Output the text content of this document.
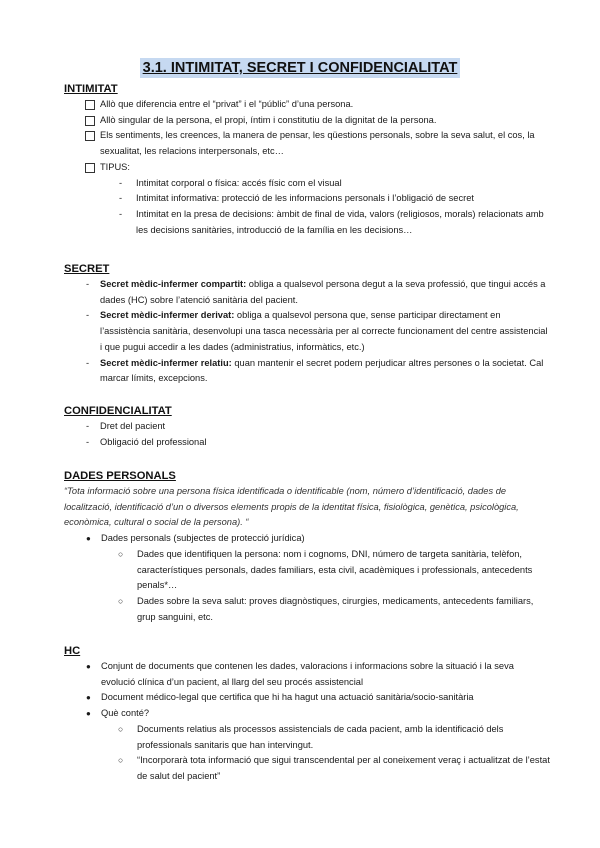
3.1. INTIMITAT, SECRET I CONFIDENCIALITAT
INTIMITAT
Allò que diferencia entre el “privat” i el “públic” d’una persona.
Allò singular de la persona, el propi, íntim i constitutiu de la dignitat de la persona.
Els sentiments, les creences, la manera de pensar, les qüestions personals, sobre la seva salut, el cos, la sexualitat, les relacions interpersonals, etc…
TIPUS:
- Intimitat corporal o física: accés físic com el visual
- Intimitat informativa: protecció de les informacions personals i l’obligació de secret
- Intimitat en la presa de decisions: àmbit de final de vida, valors (religiosos, morals) relacionats amb les decisions sanitàries, introducció de la família en les decisions…
SECRET
- Secret mèdic-infermer compartit: obliga a qualsevol persona degut a la seva professió, que tingui accés a dades (HC) sobre l’atenció sanitària del pacient.
- Secret mèdic-infermer derivat: obliga a qualsevol persona que, sense participar directament en l’assistència sanitària, desenvolupi una tasca necessària per al correcte funcionament del centre assistencial i que pugui accedir a les dades (administratius, informàtics, etc.)
- Secret mèdic-infermer relatiu: quan mantenir el secret podem perjudicar altres persones o la societat. Cal marcar límits, excepcions.
CONFIDENCIALITAT
- Dret del pacient
- Obligació del professional
DADES PERSONALS
“Tota informació sobre una persona física identificada o identificable (nom, número d’identificació, dades de localització, identificació d’un o diversos elements propis de la identitat física, fisiològica, genètica, psicològica, econòmica, cultural o social de la persona). “
● Dades personals (subjectes de protecció jurídica)
○ Dades que identifiquen la persona: nom i cognoms, DNI, número de targeta sanitària, telèfon, característiques personals, dades familiars, esta civil, acadèmiques i professionals, antecedents penals*…
○ Dades sobre la seva salut: proves diagnòstiques, cirurgies, medicaments, antecedents familiars, grup sanguini, etc.
HC
● Conjunt de documents que contenen les dades, valoracions i informacions sobre la situació i la seva evolució clínica d’un pacient, al llarg del seu procés assistencial
● Document médico-legal que certifica que hi ha hagut una actuació sanitària/socio-sanitària
● Què conté?
○ Documents relatius als processos assistencials de cada pacient, amb la identificació dels professionals sanitaris que han intervingut.
○ “Incorporarà tota informació que sigui transcendental per al coneixement veraç i actualitzat de l’estat de salut del pacient”
